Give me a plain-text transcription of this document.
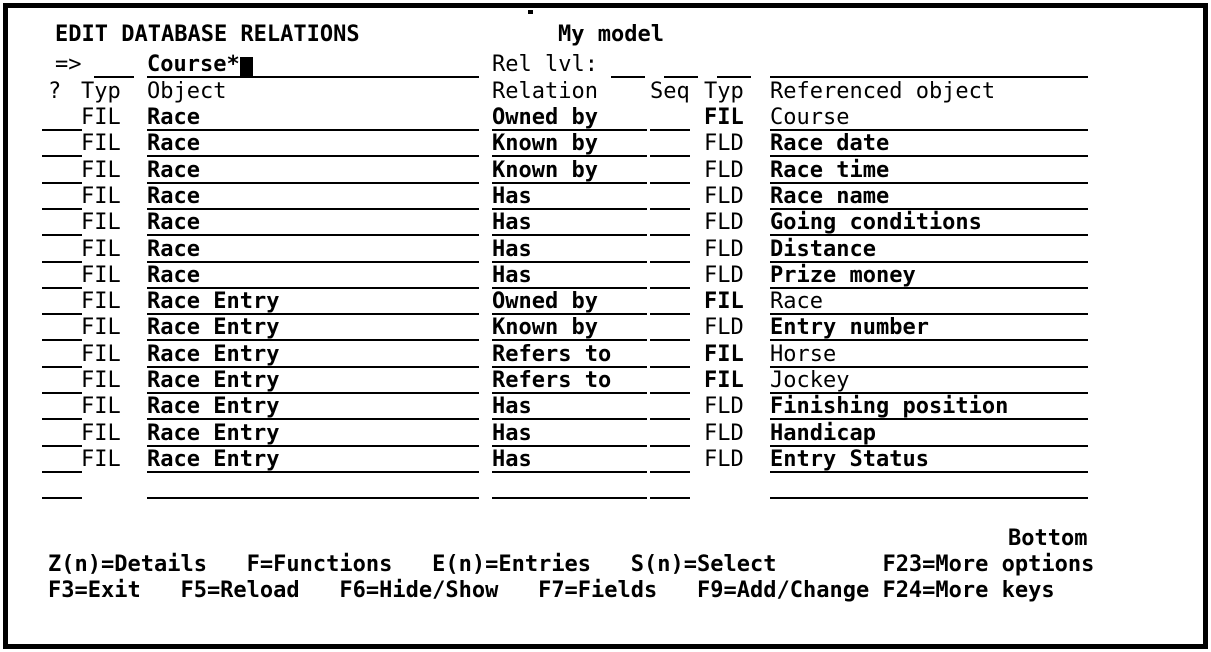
EDIT DATABASE RELATIONS	My model
=>	Course*	Rel lvl:
? Typ Object	Relation Seq Typ Referenced object
FIL Race	Owned by	FIL Course
FIL Race	Known by	FLD Race date
FIL Race	Known by	FLD Race time
FIL Race	Has	FLD Race name
FIL Race	Has	FLD Going conditions
FIL Race	Has	FLD Distance
FIL Race	Has	FLD Prize money
FIL Race Entry	Owned by	FIL Race
FIL Race Entry	Known by	FLD Entry number
FIL Race Entry	Refers to	FIL Horse
FIL Race Entry	Refers to	FIL Jockey
FIL Race Entry	Has	FLD Finishing position
FIL Race Entry	Has	FLD Handicap
FIL Race Entry	Has	FLD Entry Status
Bottom
Z(n)=Details   F=Functions   E(n)=Entries   S(n)=Select        F23=More options
F3=Exit   F5=Reload   F6=Hide/Show   F7=Fields   F9=Add/Change F24=More keys
